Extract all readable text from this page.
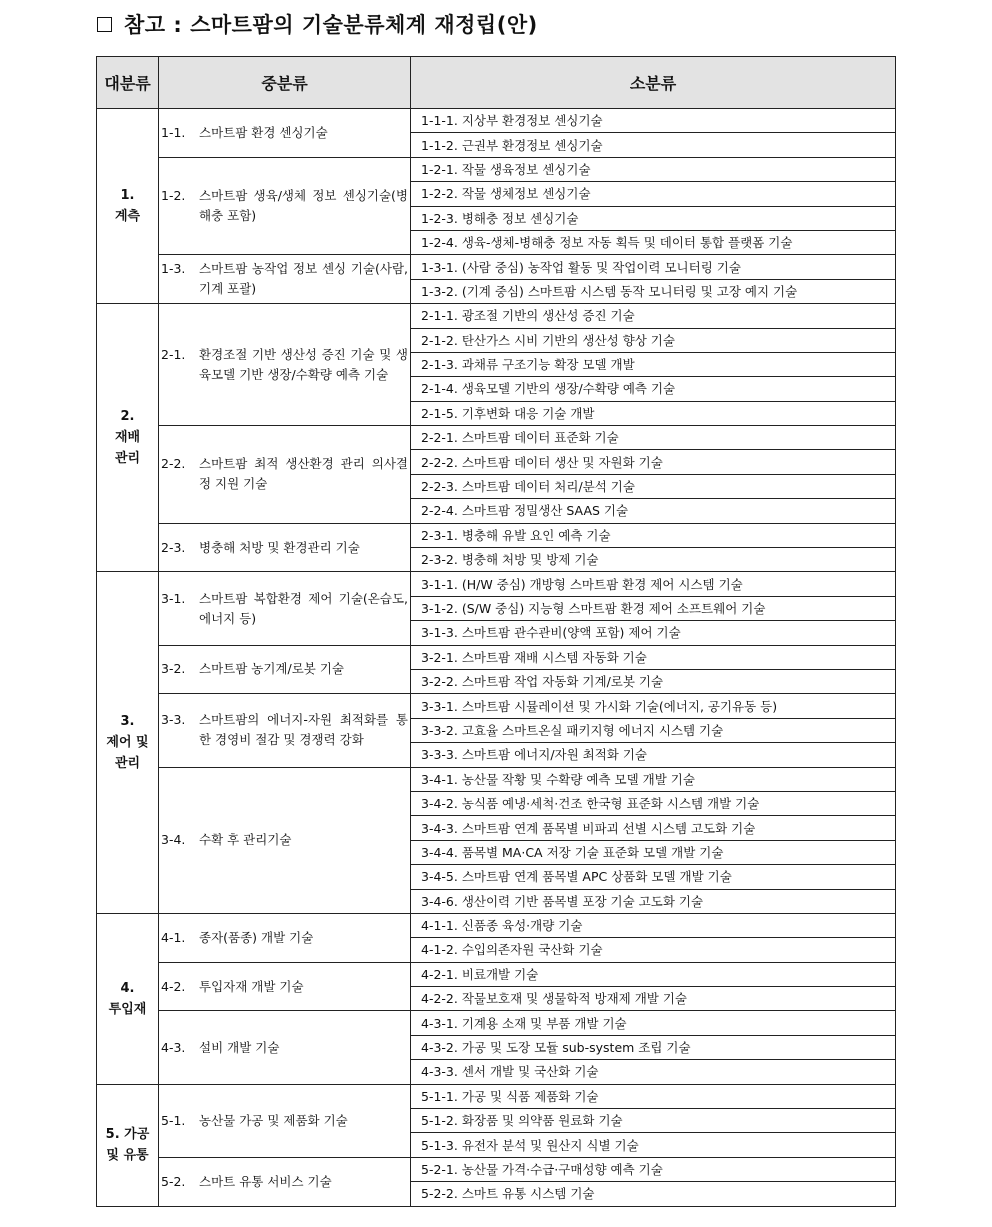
참고 : 스마트팜의 기술분류체계 재정립(안)
대분류	중분류	소분류
1.
계측	1-1. 스마트팜 환경 센싱기술	1-1-1. 지상부 환경정보 센싱기술
		1-1-2. 근권부 환경정보 센싱기술

	1-2. 스마트팜 생육/생체 정보 센싱기술(병해충 포함)	1-2-1. 작물 생육정보 센싱기술
		1-2-2. 작물 생체정보 센싱기술
		1-2-3. 병해충 정보 센싱기술
		1-2-4. 생육-생체-병해충 정보 자동 획득 및 데이터 통합 플랫폼 기술

	1-3. 스마트팜 농작업 정보 센싱 기술(사람, 기계 포괄)	1-3-1. (사람 중심) 농작업 활동 및 작업이력 모니터링 기술
		1-3-2. (기계 중심) 스마트팜 시스템 동작 모니터링 및 고장 예지 기술
2.
재배
관리	2-1. 환경조절 기반 생산성 증진 기술 및 생육모델 기반 생장/수확량 예측 기술	2-1-1. 광조절 기반의 생산성 증진 기술
		2-1-2. 탄산가스 시비 기반의 생산성 향상 기술
		2-1-3. 과채류 구조기능 확장 모델 개발
		2-1-4. 생육모델 기반의 생장/수확량 예측 기술
		2-1-5. 기후변화 대응 기술 개발

	2-2. 스마트팜 최적 생산환경 관리 의사결정 지원 기술	2-2-1. 스마트팜 데이터 표준화 기술
		2-2-2. 스마트팜 데이터 생산 및 자원화 기술
		2-2-3. 스마트팜 데이터 처리/분석 기술
		2-2-4. 스마트팜 정밀생산 SAAS 기술

	2-3. 병충해 처방 및 환경관리 기술	2-3-1. 병충해 유발 요인 예측 기술
		2-3-2. 병충해 처방 및 방제 기술
3.
제어 및
관리	3-1. 스마트팜 복합환경 제어 기술(온습도, 에너지 등)	3-1-1. (H/W 중심) 개방형 스마트팜 환경 제어 시스템 기술
		3-1-2. (S/W 중심) 지능형 스마트팜 환경 제어 소프트웨어 기술
		3-1-3. 스마트팜 관수관비(양액 포함) 제어 기술

	3-2. 스마트팜 농기계/로봇 기술	3-2-1. 스마트팜 재배 시스템 자동화 기술
		3-2-2. 스마트팜 작업 자동화 기계/로봇 기술

	3-3. 스마트팜의 에너지-자원 최적화를 통한 경영비 절감 및 경쟁력 강화	3-3-1. 스마트팜 시뮬레이션 및 가시화 기술(에너지, 공기유동 등)
		3-3-2. 고효율 스마트온실 패키지형 에너지 시스템 기술
		3-3-3. 스마트팜 에너지/자원 최적화 기술

	3-4. 수확 후 관리기술	3-4-1. 농산물 작황 및 수확량 예측 모델 개발 기술
		3-4-2. 농식품 예냉·세척·건조 한국형 표준화 시스템 개발 기술
		3-4-3. 스마트팜 연계 품목별 비파괴 선별 시스템 고도화 기술
		3-4-4. 품목별 MA·CA 저장 기술 표준화 모델 개발 기술
		3-4-5. 스마트팜 연계 품목별 APC 상품화 모델 개발 기술
		3-4-6. 생산이력 기반 품목별 포장 기술 고도화 기술
4.
투입재	4-1. 종자(품종) 개발 기술	4-1-1. 신품종 육성·개량 기술
		4-1-2. 수입의존자원 국산화 기술

	4-2. 투입자재 개발 기술	4-2-1. 비료개발 기술
		4-2-2. 작물보호재 및 생물학적 방재제 개발 기술

	4-3. 설비 개발 기술	4-3-1. 기계용 소재 및 부품 개발 기술
		4-3-2. 가공 및 도장 모듈 sub-system 조립 기술
		4-3-3. 센서 개발 및 국산화 기술
5. 가공
및 유통	5-1. 농산물 가공 및 제품화 기술	5-1-1. 가공 및 식품 제품화 기술
		5-1-2. 화장품 및 의약품 원료화 기술
		5-1-3. 유전자 분석 및 원산지 식별 기술

	5-2. 스마트 유통 서비스 기술	5-2-1. 농산물 가격·수급·구매성향 예측 기술
		5-2-2. 스마트 유통 시스템 기술
